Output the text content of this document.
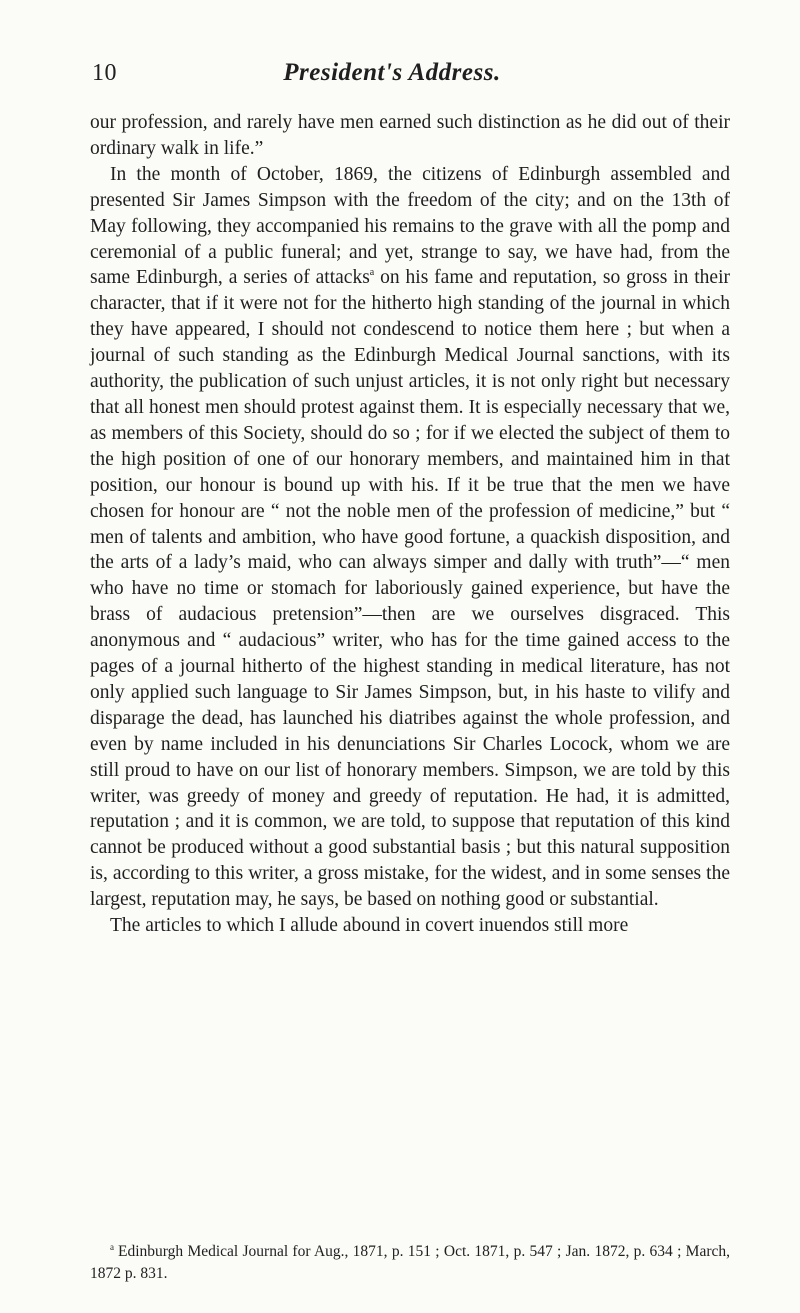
10	President's Address.

our profession, and rarely have men earned such distinction as he did out of their ordinary walk in life.”

In the month of October, 1869, the citizens of Edinburgh assembled and presented Sir James Simpson with the freedom of the city; and on the 13th of May following, they accompanied his remains to the grave with all the pomp and ceremonial of a public funeral; and yet, strange to say, we have had, from the same Edinburgh, a series of attacks$^a$ on his fame and reputation, so gross in their character, that if it were not for the hitherto high standing of the journal in which they have appeared, I should not condescend to notice them here ; but when a journal of such standing as the Edinburgh Medical Journal sanctions, with its authority, the publication of such unjust articles, it is not only right but necessary that all honest men should protest against them. It is especially necessary that we, as members of this Society, should do so ; for if we elected the subject of them to the high position of one of our honorary members, and maintained him in that position, our honour is bound up with his. If it be true that the men we have chosen for honour are “ not the noble men of the profession of medicine,” but “ men of talents and ambition, who have good fortune, a quackish disposition, and the arts of a lady’s maid, who can always simper and dally with truth”—“ men who have no time or stomach for laboriously gained experience, but have the brass of audacious pretension”—then are we ourselves disgraced. This anonymous and “ audacious” writer, who has for the time gained access to the pages of a journal hitherto of the highest standing in medical literature, has not only applied such language to Sir James Simpson, but, in his haste to vilify and disparage the dead, has launched his diatribes against the whole profession, and even by name included in his denunciations Sir Charles Locock, whom we are still proud to have on our list of honorary members. Simpson, we are told by this writer, was greedy of money and greedy of reputation. He had, it is admitted, reputation ; and it is common, we are told, to suppose that reputation of this kind cannot be produced without a good substantial basis ; but this natural supposition is, according to this writer, a gross mistake, for the widest, and in some senses the largest, reputation may, he says, be based on nothing good or substantial.

The articles to which I allude abound in covert inuendos still more

$^a$ Edinburgh Medical Journal for Aug., 1871, p. 151 ; Oct. 1871, p. 547 ; Jan. 1872, p. 634 ; March, 1872 p. 831.
